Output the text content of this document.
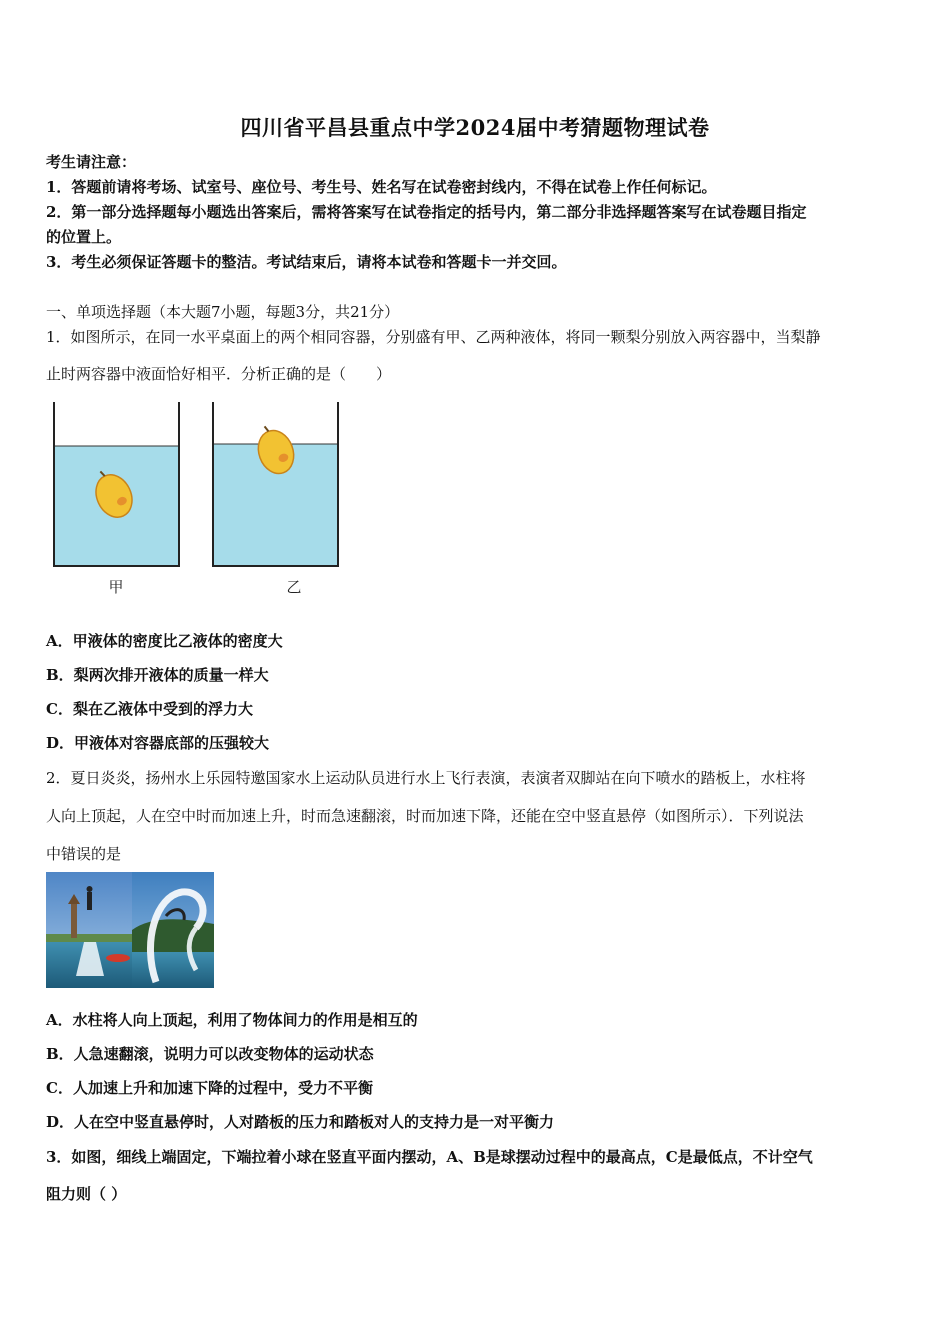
四川省平昌县重点中学2024届中考猜题物理试卷
考生请注意：
1．答题前请将考场、试室号、座位号、考生号、姓名写在试卷密封线内，不得在试卷上作任何标记。
2．第一部分选择题每小题选出答案后，需将答案写在试卷指定的括号内，第二部分非选择题答案写在试卷题目指定
的位置上。
3．考生必须保证答题卡的整洁。考试结束后，请将本试卷和答题卡一并交回。
一、单项选择题（本大题7小题，每题3分，共21分）
1．如图所示，在同一水平桌面上的两个相同容器，分别盛有甲、乙两种液体，将同一颗梨分别放入两容器中，当梨静
止时两容器中液面恰好相平．分析正确的是（　　）
甲	乙
A．甲液体的密度比乙液体的密度大
B．梨两次排开液体的质量一样大
C．梨在乙液体中受到的浮力大
D．甲液体对容器底部的压强较大
2．夏日炎炎，扬州水上乐园特邀国家水上运动队员进行水上飞行表演，表演者双脚站在向下喷水的踏板上，水柱将
人向上顶起，人在空中时而加速上升，时而急速翻滚，时而加速下降，还能在空中竖直悬停（如图所示）．下列说法
中错误的是
A．水柱将人向上顶起，利用了物体间力的作用是相互的
B．人急速翻滚，说明力可以改变物体的运动状态
C．人加速上升和加速下降的过程中，受力不平衡
D．人在空中竖直悬停时，人对踏板的压力和踏板对人的支持力是一对平衡力
3．如图，细线上端固定，下端拉着小球在竖直平面内摆动，A、B是球摆动过程中的最高点，C是最低点，不计空气
阻力则（ ）
